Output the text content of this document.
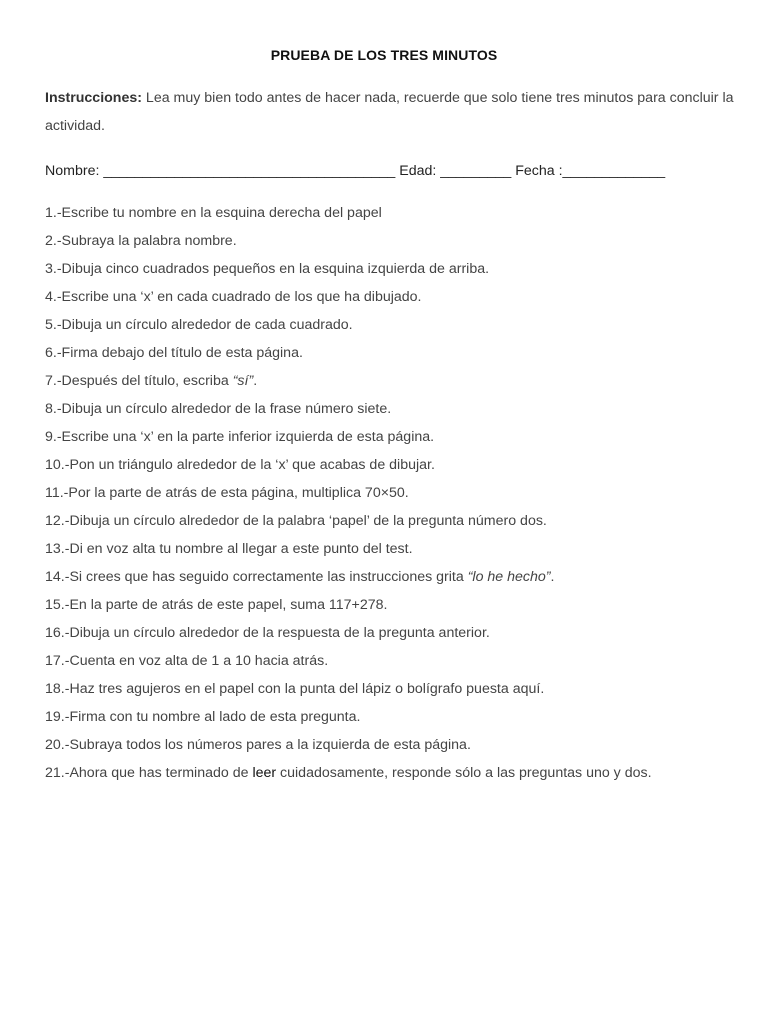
PRUEBA DE LOS TRES MINUTOS
Instrucciones: Lea muy bien todo antes de hacer nada, recuerde que solo tiene tres minutos para concluir la actividad.
Nombre: _____________________________________ Edad: _________ Fecha :_____________
1.-Escribe tu nombre en la esquina derecha del papel
2.-Subraya la palabra nombre.
3.-Dibuja cinco cuadrados pequeños en la esquina izquierda de arriba.
4.-Escribe una ‘x’ en cada cuadrado de los que ha dibujado.
5.-Dibuja un círculo alrededor de cada cuadrado.
6.-Firma debajo del título de esta página.
7.-Después del título, escriba “sí”.
8.-Dibuja un círculo alrededor de la frase número siete.
9.-Escribe una ‘x’ en la parte inferior izquierda de esta página.
10.-Pon un triángulo alrededor de la ‘x’ que acabas de dibujar.
11.-Por la parte de atrás de esta página, multiplica 70×50.
12.-Dibuja un círculo alrededor de la palabra ‘papel’ de la pregunta número dos.
13.-Di en voz alta tu nombre al llegar a este punto del test.
14.-Si crees que has seguido correctamente las instrucciones grita “lo he hecho”.
15.-En la parte de atrás de este papel, suma 117+278.
16.-Dibuja un círculo alrededor de la respuesta de la pregunta anterior.
17.-Cuenta en voz alta de 1 a 10 hacia atrás.
18.-Haz tres agujeros en el papel con la punta del lápiz o bolígrafo puesta aquí.
19.-Firma con tu nombre al lado de esta pregunta.
20.-Subraya todos los números pares a la izquierda de esta página.
21.-Ahora que has terminado de leer cuidadosamente, responde sólo a las preguntas uno y dos.
